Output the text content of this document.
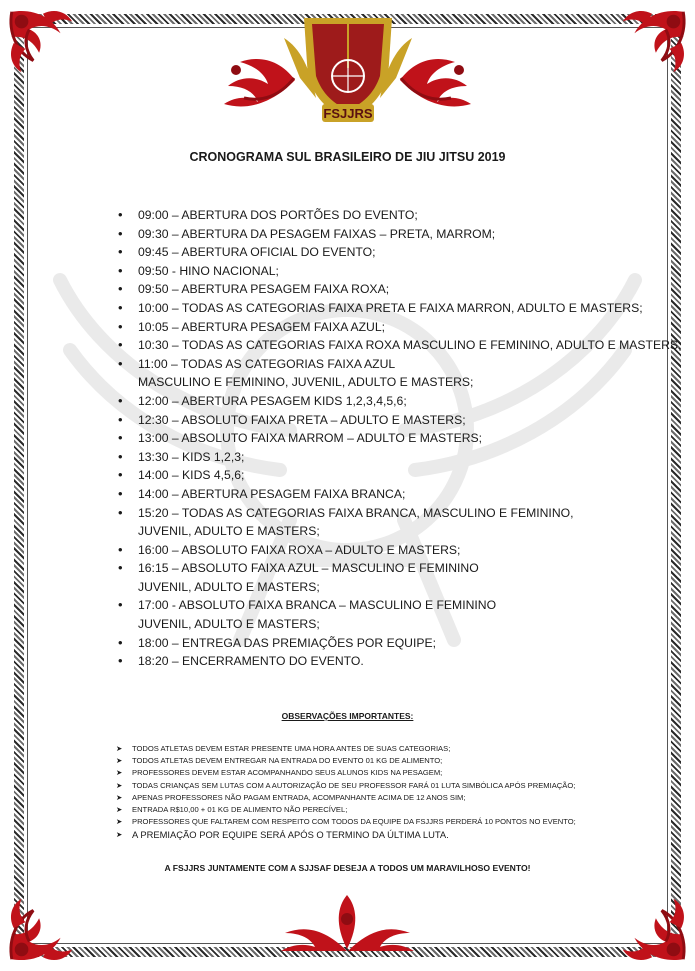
FSJJRS
CRONOGRAMA SUL BRASILEIRO DE JIU JITSU 2019
• 09:00 – ABERTURA DOS PORTÕES DO EVENTO;
• 09:30 – ABERTURA DA PESAGEM FAIXAS – PRETA, MARROM;
• 09:45 – ABERTURA OFICIAL DO EVENTO;
• 09:50 - HINO NACIONAL;
• 09:50 – ABERTURA PESAGEM FAIXA ROXA;
• 10:00 – TODAS AS CATEGORIAS FAIXA PRETA E FAIXA MARRON, ADULTO E MASTERS;
• 10:05 – ABERTURA PESAGEM FAIXA AZUL;
• 10:30 – TODAS AS CATEGORIAS FAIXA ROXA MASCULINO E FEMININO, ADULTO E MASTERS;
• 11:00 – TODAS AS CATEGORIAS FAIXA AZUL
MASCULINO E FEMININO, JUVENIL, ADULTO E MASTERS;
• 12:00 – ABERTURA PESAGEM KIDS 1,2,3,4,5,6;
• 12:30 – ABSOLUTO FAIXA PRETA – ADULTO E MASTERS;
• 13:00 – ABSOLUTO FAIXA MARROM – ADULTO E MASTERS;
• 13:30 – KIDS 1,2,3;
• 14:00 – KIDS 4,5,6;
• 14:00 – ABERTURA PESAGEM FAIXA BRANCA;
• 15:20 – TODAS AS CATEGORIAS FAIXA BRANCA, MASCULINO E FEMININO,
JUVENIL, ADULTO E MASTERS;
• 16:00 – ABSOLUTO FAIXA ROXA – ADULTO E MASTERS;
• 16:15 – ABSOLUTO FAIXA AZUL – MASCULINO E FEMININO
JUVENIL, ADULTO E MASTERS;
• 17:00 - ABSOLUTO FAIXA BRANCA – MASCULINO E FEMININO
JUVENIL, ADULTO E MASTERS;
• 18:00 – ENTREGA DAS PREMIAÇÕES POR EQUIPE;
• 18:20 – ENCERRAMENTO DO EVENTO.
OBSERVAÇÕES IMPORTANTES:
➤ TODOS ATLETAS DEVEM ESTAR PRESENTE UMA HORA ANTES DE SUAS CATEGORIAS;
➤ TODOS ATLETAS DEVEM ENTREGAR NA ENTRADA DO EVENTO 01 KG DE ALIMENTO;
➤ PROFESSORES DEVEM ESTAR ACOMPANHANDO SEUS ALUNOS KIDS NA PESAGEM;
➤ TODAS CRIANÇAS SEM LUTAS COM A AUTORIZAÇÃO DE SEU PROFESSOR FARÁ 01 LUTA SIMBÓLICA APÓS PREMIAÇÃO;
➤ APENAS PROFESSORES NÃO PAGAM ENTRADA, ACOMPANHANTE ACIMA DE 12 ANOS SIM;
➤ ENTRADA R$10,00 + 01 KG DE ALIMENTO NÃO PERECÍVEL;
➤ PROFESSORES QUE FALTAREM COM RESPEITO COM TODOS DA EQUIPE DA FSJJRS PERDERÁ 10 PONTOS NO EVENTO;
➤ A PREMIAÇÃO POR EQUIPE SERÁ APÓS O TERMINO DA ÚLTIMA LUTA.
A FSJJRS JUNTAMENTE COM A SJJSAF DESEJA A TODOS UM MARAVILHOSO EVENTO!
